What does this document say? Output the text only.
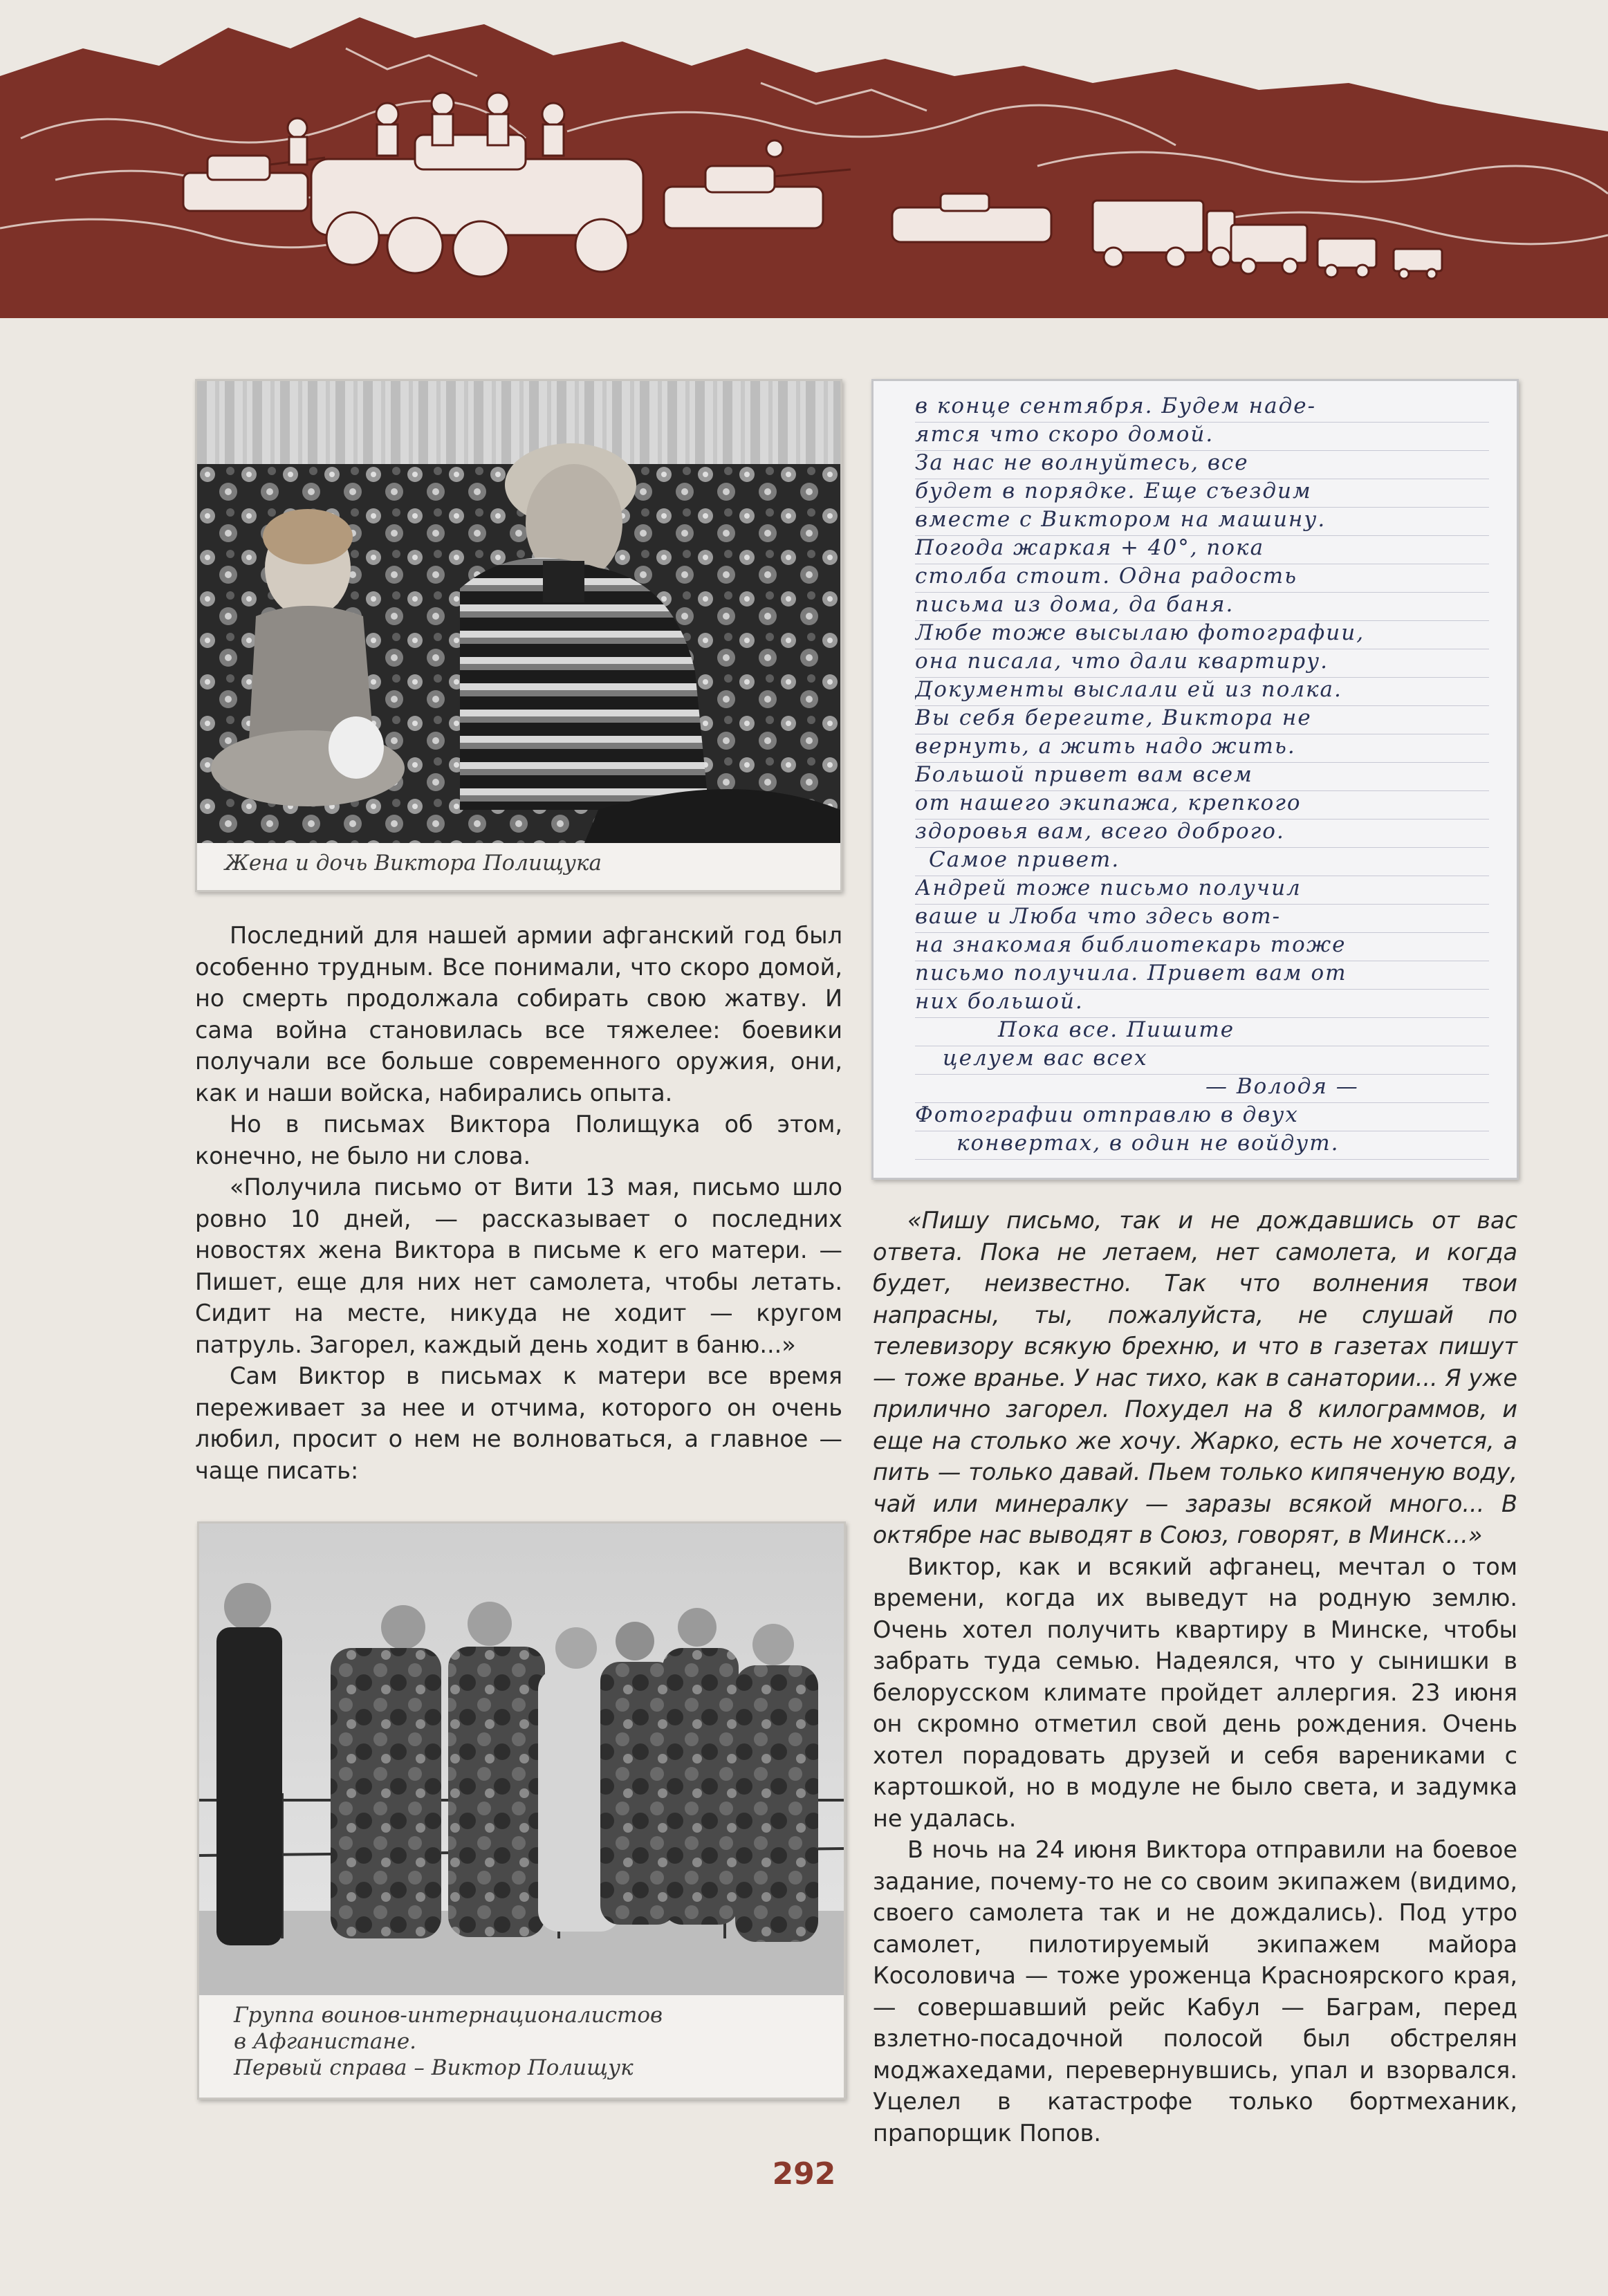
Жена и дочь Виктора Полищука

Последний для нашей армии афганский год был особенно трудным. Все понимали, что скоро домой, но смерть продолжала собирать свою жатву. И сама война становилась все тяжелее: боевики получали все больше современного оружия, они, как и наши войска, набирались опыта.

Но в письмах Виктора Полищука об этом, конечно, не было ни слова.

«Получила письмо от Вити 13 мая, письмо шло ровно 10 дней, — рассказывает о последних новостях жена Виктора в письме к его матери. — Пишет, еще для них нет самолета, чтобы летать. Сидит на месте, никуда не ходит — кругом патруль. Загорел, каждый день ходит в баню...»

Сам Виктор в письмах к матери все время переживает за нее и отчима, которого он очень любил, просит о нем не волноваться, а главное — чаще писать:

Группа воинов-интернационалистов
в Афганистане.
Первый справа – Виктор Полищук
в конце сентября. Будем наде-
ятся что скоро домой.
За нас не волнуйтесь, все
будет в порядке. Еще съездим
вместе с Виктором на машину.
Погода жаркая + 40°, пока
столба стоит. Одна радость
письма из дома, да баня.
Любе тоже высылаю фотографии,
она писала, что дали квартиру.
Документы выслали ей из полка.
Вы себя берегите, Виктора не
вернуть, а жить надо жить.
Большой привет вам всем
от нашего экипажа, крепкого
здоровья вам, всего доброго.
Самое привет.
Андрей тоже письмо получил
ваше и Люба что здесь вот-
на знакомая библиотекарь тоже
письмо получила. Привет вам от
них большой.
Пока все. Пишите
целуем вас всех
— Володя —
Фотографии отправлю в двух
конвертах, в один не войдут.

«Пишу письмо, так и не дождавшись от вас ответа. Пока не летаем, нет самолета, и когда будет, неизвестно. Так что волнения твои напрасны, ты, пожалуйста, не слушай по телевизору всякую брехню, и что в газетах пишут — тоже вранье. У нас тихо, как в санатории... Я уже прилично загорел. Похудел на 8 килограммов, и еще на столько же хочу. Жарко, есть не хочется, а пить — только давай. Пьем только кипяченую воду, чай или минералку — заразы всякой много... В октябре нас выводят в Союз, говорят, в Минск...»

Виктор, как и всякий афганец, мечтал о том времени, когда их выведут на родную землю. Очень хотел получить квартиру в Минске, чтобы забрать туда семью. Надеялся, что у сынишки в белорусском климате пройдет аллергия. 23 июня он скромно отметил свой день рождения. Очень хотел порадовать друзей и себя варениками с картошкой, но в модуле не было света, и задумка не удалась.

В ночь на 24 июня Виктора отправили на боевое задание, почему-то не со своим экипажем (видимо, своего самолета так и не дождались). Под утро самолет, пилотируемый экипажем майора Косоловича — тоже уроженца Красноярского края, — совершавший рейс Кабул — Баграм, перед взлетно-посадочной полосой был обстрелян моджахедами, перевернувшись, упал и взорвался. Уцелел в катастрофе только бортмеханик, прапорщик Попов.

292
